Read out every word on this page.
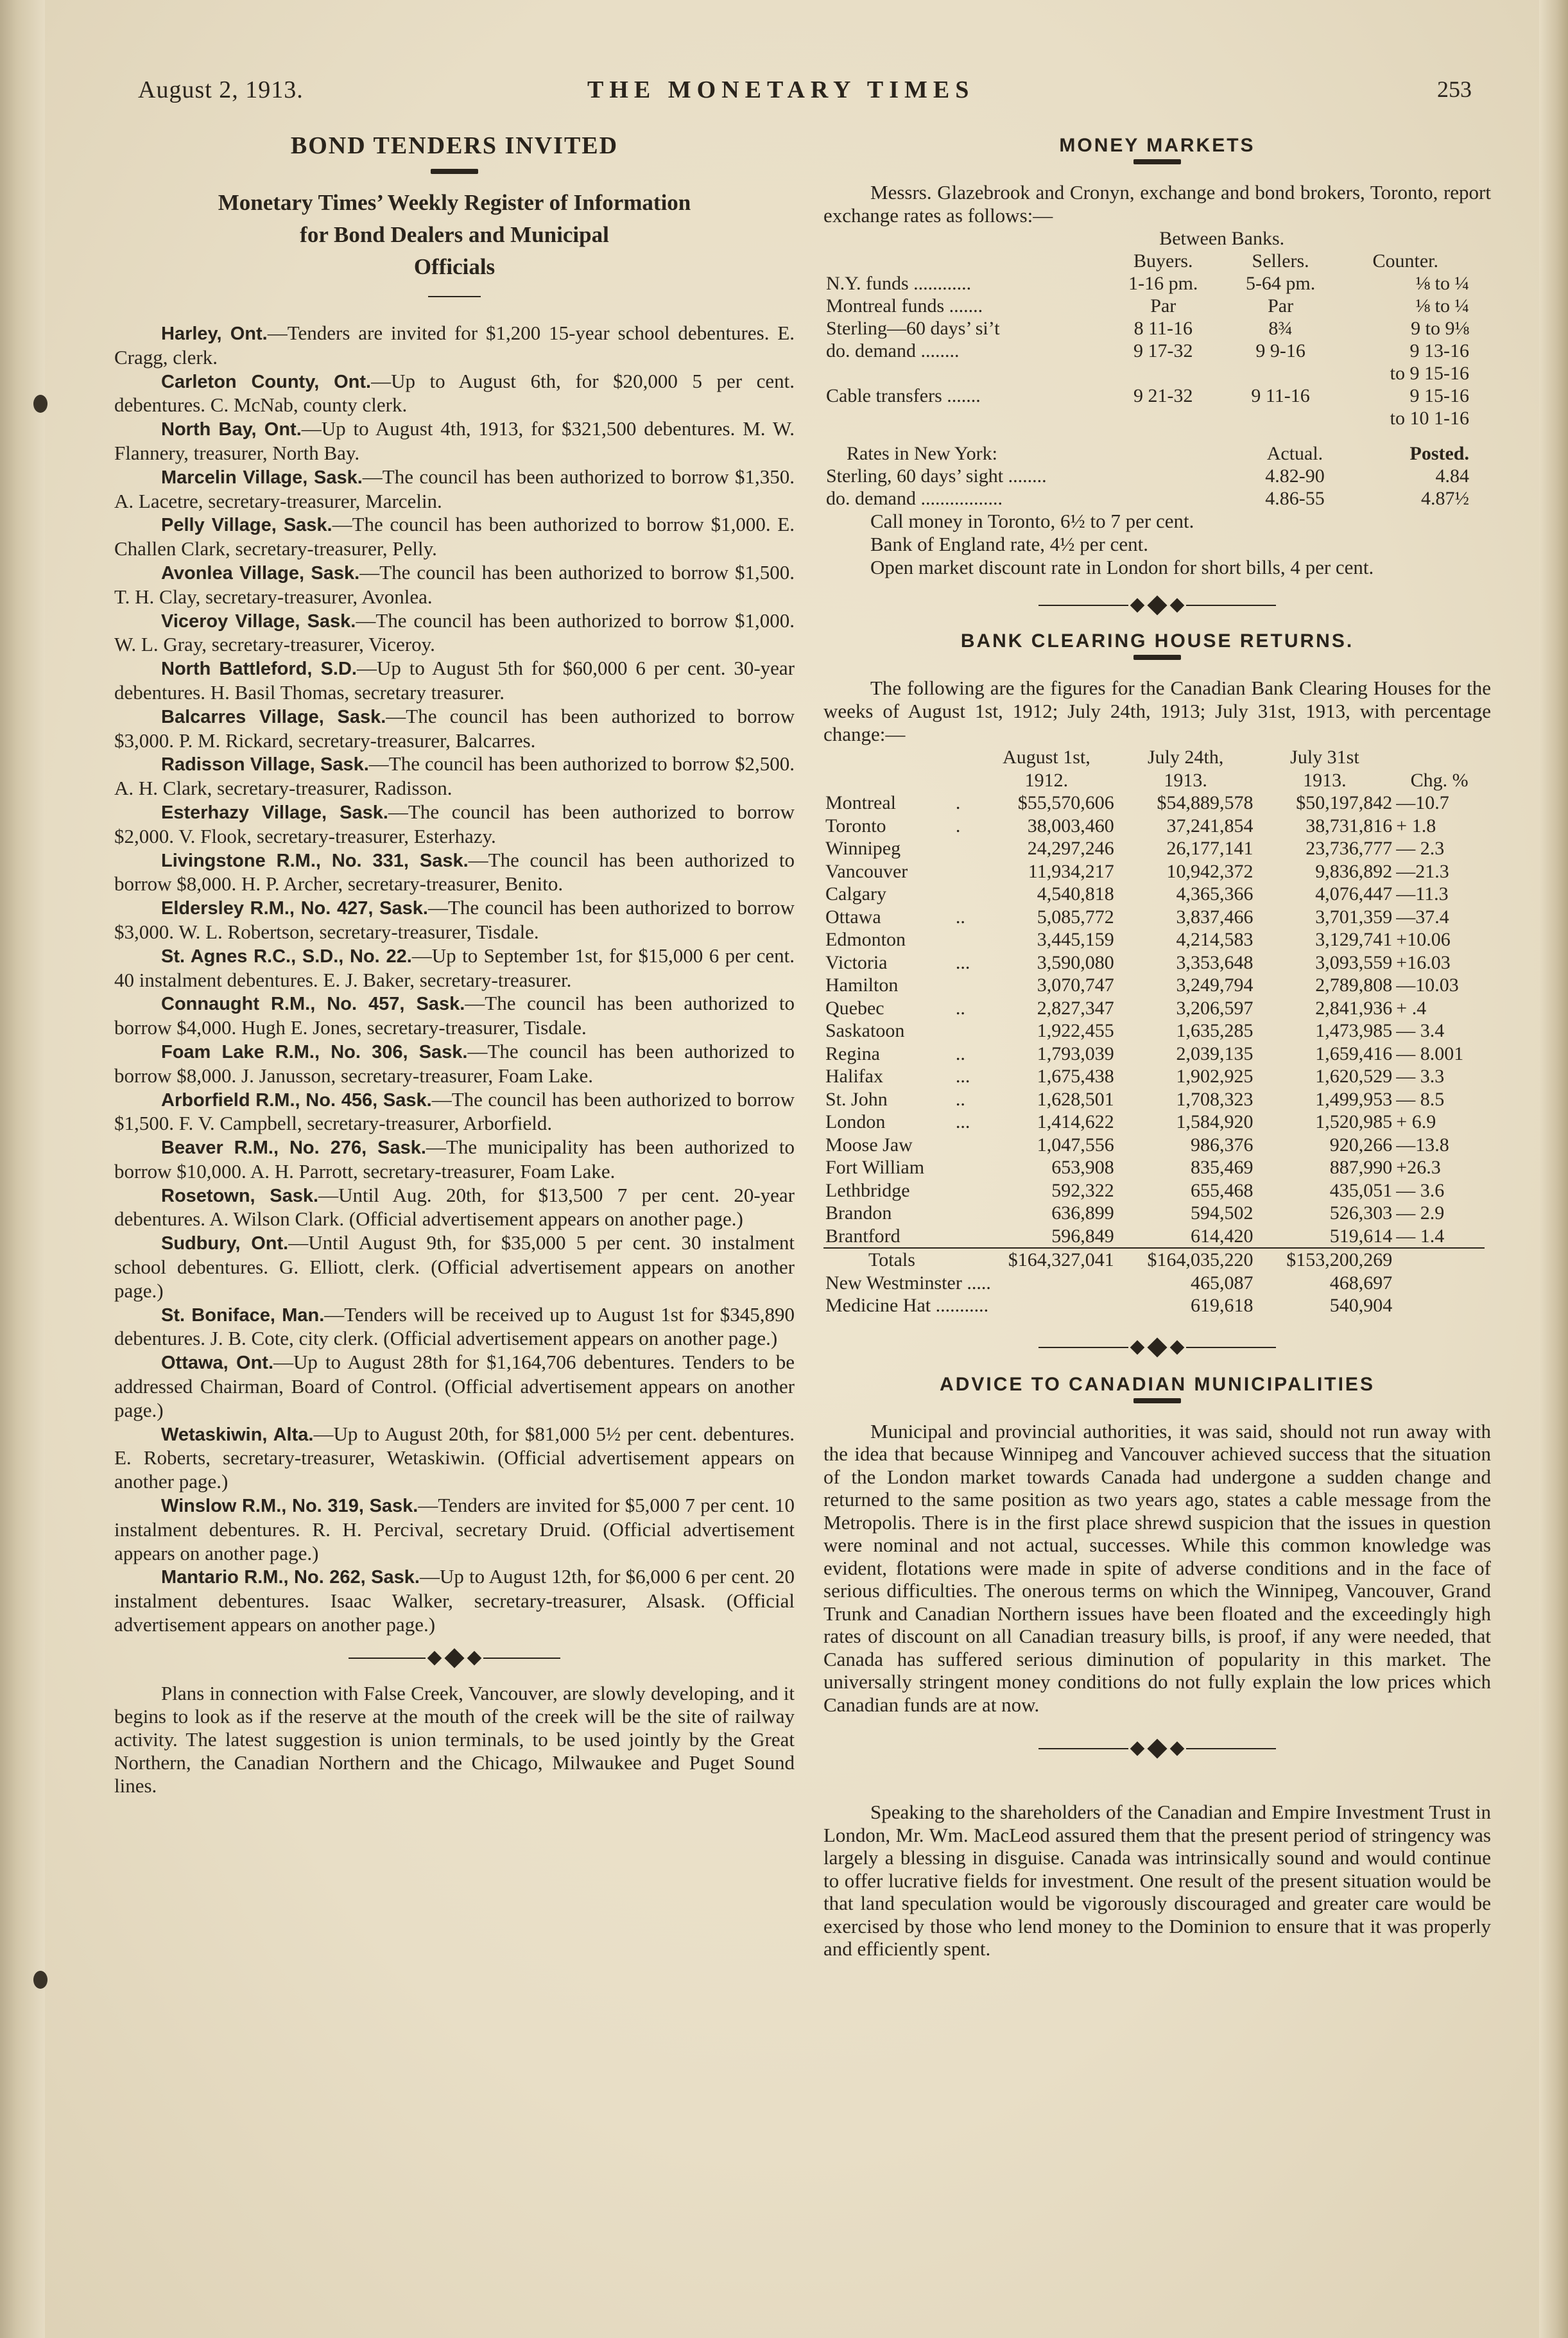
August 2, 1913.	THE MONETARY TIMES	253
BOND TENDERS INVITED
Monetary Times’ Weekly Register of Information
for Bond Dealers and Municipal
Officials

Harley, Ont.—Tenders are invited for $1,200 15-year school debentures. E. Cragg, clerk.

Carleton County, Ont.—Up to August 6th, for $20,000 5 per cent. debentures. C. McNab, county clerk.

North Bay, Ont.—Up to August 4th, 1913, for $321,500 debentures. M. W. Flannery, treasurer, North Bay.

Marcelin Village, Sask.—The council has been authorized to borrow $1,350. A. Lacetre, secretary-treasurer, Marcelin.

Pelly Village, Sask.—The council has been authorized to borrow $1,000. E. Challen Clark, secretary-treasurer, Pelly.

Avonlea Village, Sask.—The council has been authorized to borrow $1,500. T. H. Clay, secretary-treasurer, Avonlea.

Viceroy Village, Sask.—The council has been authorized to borrow $1,000. W. L. Gray, secretary-treasurer, Viceroy.

North Battleford, S.D.—Up to August 5th for $60,000 6 per cent. 30-year debentures. H. Basil Thomas, secretary treasurer.

Balcarres Village, Sask.—The council has been authorized to borrow $3,000. P. M. Rickard, secretary-treasurer, Balcarres.

Radisson Village, Sask.—The council has been authorized to borrow $2,500. A. H. Clark, secretary-treasurer, Radisson.

Esterhazy Village, Sask.—The council has been authorized to borrow $2,000. V. Flook, secretary-treasurer, Esterhazy.

Livingstone R.M., No. 331, Sask.—The council has been authorized to borrow $8,000. H. P. Archer, secretary-treasurer, Benito.

Eldersley R.M., No. 427, Sask.—The council has been authorized to borrow $3,000. W. L. Robertson, secretary-treasurer, Tisdale.

St. Agnes R.C., S.D., No. 22.—Up to September 1st, for $15,000 6 per cent. 40 instalment debentures. E. J. Baker, secretary-treasurer.

Connaught R.M., No. 457, Sask.—The council has been authorized to borrow $4,000. Hugh E. Jones, secretary-treasurer, Tisdale.

Foam Lake R.M., No. 306, Sask.—The council has been authorized to borrow $8,000. J. Janusson, secretary-treasurer, Foam Lake.

Arborfield R.M., No. 456, Sask.—The council has been authorized to borrow $1,500. F. V. Campbell, secretary-treasurer, Arborfield.

Beaver R.M., No. 276, Sask.—The municipality has been authorized to borrow $10,000. A. H. Parrott, secretary-treasurer, Foam Lake.

Rosetown, Sask.—Until Aug. 20th, for $13,500 7 per cent. 20-year debentures. A. Wilson Clark. (Official advertisement appears on another page.)

Sudbury, Ont.—Until August 9th, for $35,000 5 per cent. 30 instalment school debentures. G. Elliott, clerk. (Official advertisement appears on another page.)

St. Boniface, Man.—Tenders will be received up to August 1st for $345,890 debentures. J. B. Cote, city clerk. (Official advertisement appears on another page.)

Ottawa, Ont.—Up to August 28th for $1,164,706 debentures. Tenders to be addressed Chairman, Board of Control. (Official advertisement appears on another page.)

Wetaskiwin, Alta.—Up to August 20th, for $81,000 5½ per cent. debentures. E. Roberts, secretary-treasurer, Wetaskiwin. (Official advertisement appears on another page.)

Winslow R.M., No. 319, Sask.—Tenders are invited for $5,000 7 per cent. 10 instalment debentures. R. H. Percival, secretary Druid. (Official advertisement appears on another page.)

Mantario R.M., No. 262, Sask.—Up to August 12th, for $6,000 6 per cent. 20 instalment debentures. Isaac Walker, secretary-treasurer, Alsask. (Official advertisement appears on another page.)

Plans in connection with False Creek, Vancouver, are slowly developing, and it begins to look as if the reserve at the mouth of the creek will be the site of railway activity. The latest suggestion is union terminals, to be used jointly by the Great Northern, the Canadian Northern and the Chicago, Milwaukee and Puget Sound lines.

MONEY MARKETS

Messrs. Glazebrook and Cronyn, exchange and bond brokers, Toronto, report exchange rates as follows:—

	Between Banks.		
	Buyers.	Sellers.	Counter.
N.Y. funds ............	1-16 pm.	5-64 pm.	⅛ to ¼
Montreal funds .......	Par	Par	⅛ to ¼
Sterling—60 days’ si’t	8 11-16	8¾	9 to 9⅛
do. demand ........	9 17-32	9 9-16	9 13-16
			to 9 15-16
Cable transfers .......	9 21-32	9 11-16	9 15-16
			to 10 1-16
Rates in New York:	Actual.	Posted.
Sterling, 60 days’ sight ........	4.82-90	4.84
do. demand .................	4.86-55	4.87½

Call money in Toronto, 6½ to 7 per cent.

Bank of England rate, 4½ per cent.

Open market discount rate in London for short bills, 4 per cent.

BANK CLEARING HOUSE RETURNS.

The following are the figures for the Canadian Bank Clearing Houses for the weeks of August 1st, 1912; July 24th, 1913; July 31st, 1913, with percentage change:—

		August 1st,	July 24th,	July 31st	
		1912.	1913.	1913.	Chg. %
Montreal	.	$55,570,606	$54,889,578	$50,197,842	—10.7
Toronto	.	38,003,460	37,241,854	38,731,816	+ 1.8
Winnipeg		24,297,246	26,177,141	23,736,777	— 2.3
Vancouver		11,934,217	10,942,372	9,836,892	—21.3
Calgary		4,540,818	4,365,366	4,076,447	—11.3
Ottawa	..	5,085,772	3,837,466	3,701,359	—37.4
Edmonton		3,445,159	4,214,583	3,129,741	+10.06
Victoria	...	3,590,080	3,353,648	3,093,559	+16.03
Hamilton		3,070,747	3,249,794	2,789,808	—10.03
Quebec	..	2,827,347	3,206,597	2,841,936	+ .4
Saskatoon		1,922,455	1,635,285	1,473,985	— 3.4
Regina	..	1,793,039	2,039,135	1,659,416	— 8.001
Halifax	...	1,675,438	1,902,925	1,620,529	— 3.3
St. John	..	1,628,501	1,708,323	1,499,953	— 8.5
London	...	1,414,622	1,584,920	1,520,985	+ 6.9
Moose Jaw		1,047,556	986,376	920,266	—13.8
Fort William		653,908	835,469	887,990	+26.3
Lethbridge		592,322	655,468	435,051	— 3.6
Brandon		636,899	594,502	526,303	— 2.9
Brantford		596,849	614,420	519,614	— 1.4
Totals		$164,327,041	$164,035,220	$153,200,269	
New Westminster .....			465,087	468,697	
Medicine Hat ...........			619,618	540,904	
ADVICE TO CANADIAN MUNICIPALITIES

Municipal and provincial authorities, it was said, should not run away with the idea that because Winnipeg and Vancouver achieved success that the situation of the London market towards Canada had undergone a sudden change and returned to the same position as two years ago, states a cable message from the Metropolis. There is in the first place shrewd suspicion that the issues in question were nominal and not actual, successes. While this common knowledge was evident, flotations were made in spite of adverse conditions and in the face of serious difficulties. The onerous terms on which the Winnipeg, Vancouver, Grand Trunk and Canadian Northern issues have been floated and the exceedingly high rates of discount on all Canadian treasury bills, is proof, if any were needed, that Canada has suffered serious diminution of popularity in this market. The universally stringent money conditions do not fully explain the low prices which Canadian funds are at now.

Speaking to the shareholders of the Canadian and Empire Investment Trust in London, Mr. Wm. MacLeod assured them that the present period of stringency was largely a blessing in disguise. Canada was intrinsically sound and would continue to offer lucrative fields for investment. One result of the present situation would be that land speculation would be vigorously discouraged and greater care would be exercised by those who lend money to the Dominion to ensure that it was properly and efficiently spent.
